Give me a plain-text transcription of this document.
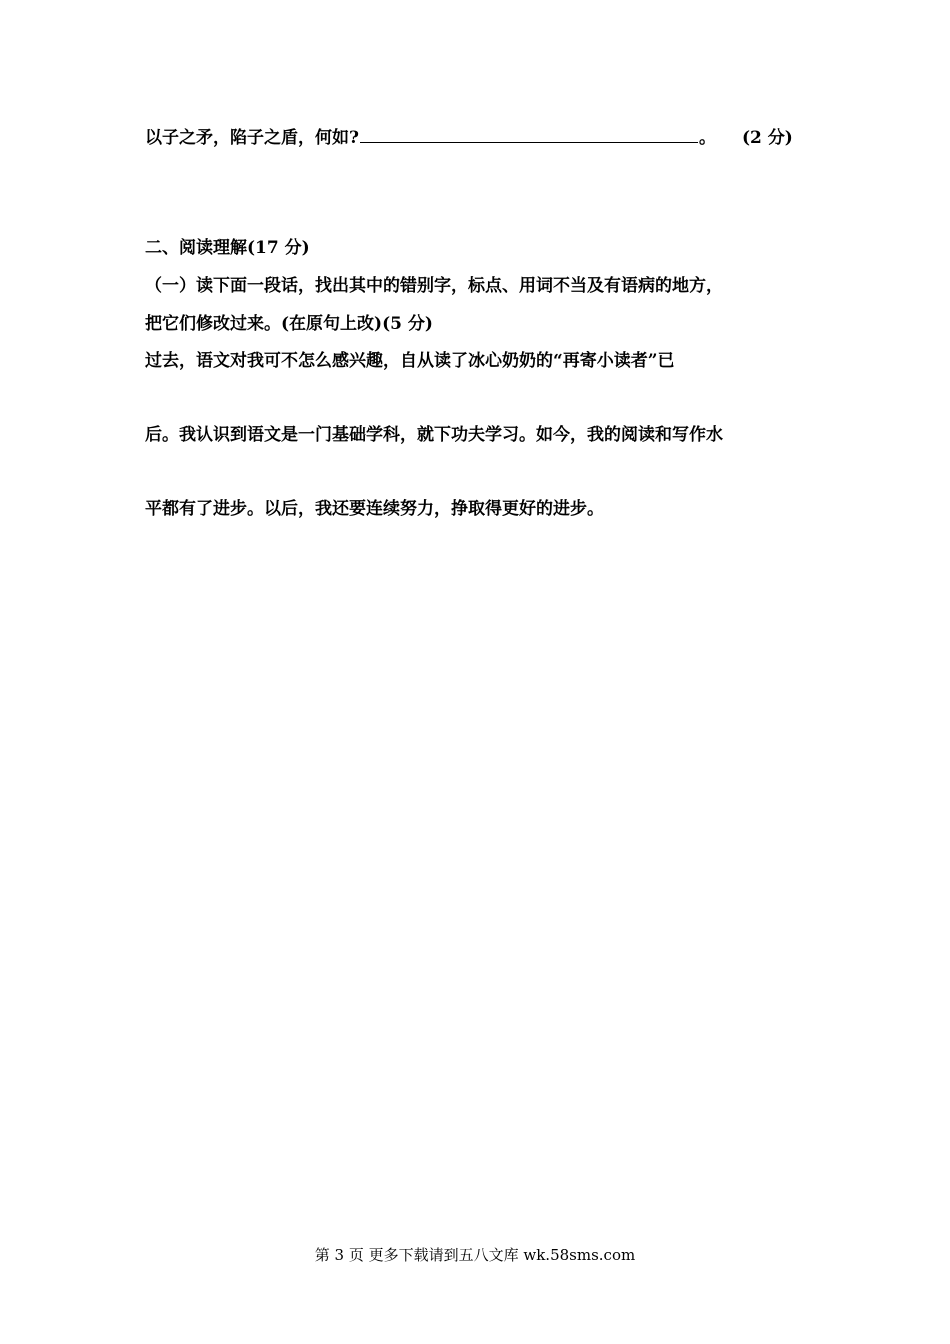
以子之矛，陷子之盾，何如?	。 (2 分)
二、阅读理解(17 分)
（一）读下面一段话，找出其中的错别字，标点、用词不当及有语病的地方，
把它们修改过来。(在原句上改)(5 分)
过去，语文对我可不怎么感兴趣，自从读了冰心奶奶的“再寄小读者”已
后。我认识到语文是一门基础学科，就下功夫学习。如今，我的阅读和写作水
平都有了进步。以后，我还要连续努力，挣取得更好的进步。
第 3 页 更多下载请到五八文库 wk.58sms.com
